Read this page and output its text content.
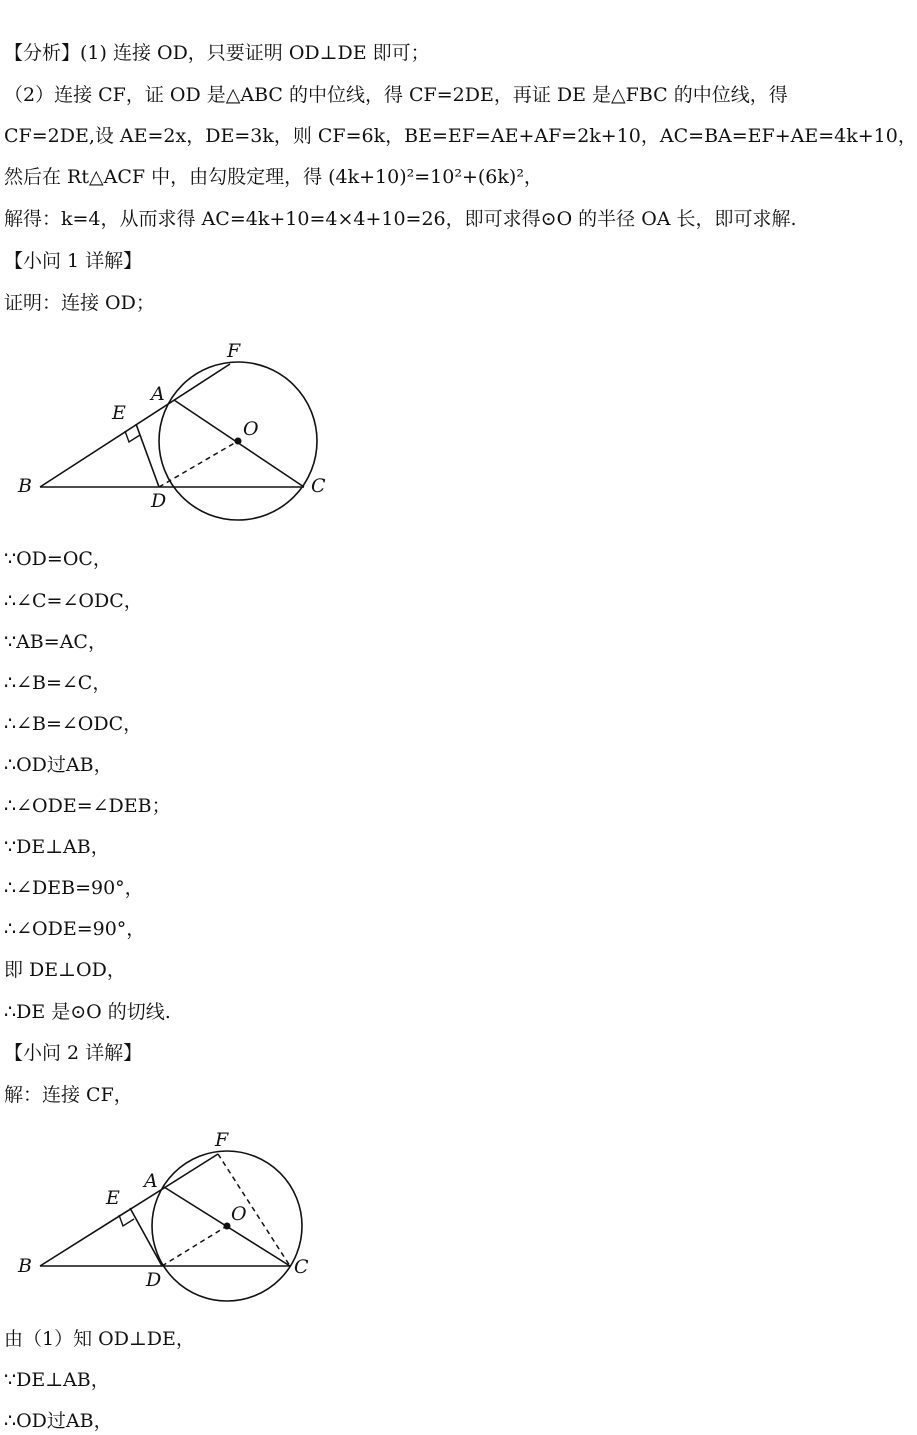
【分析】(1) 连接 OD，只要证明 OD⊥DE 即可；
（2）连接 CF，证 OD 是△ABC 的中位线，得 CF=2DE，再证 DE 是△FBC 的中位线，得
CF=2DE,设 AE=2x，DE=3k，则 CF=6k，BE=EF=AE+AF=2k+10，AC=BA=EF+AE=4k+10，
然后在 Rt△ACF 中，由勾股定理，得 (4k+10)²=10²+(6k)²，
解得：k=4，从而求得 AC=4k+10=4×4+10=26，即可求得⊙O 的半径 OA 长，即可求解.
【小问 1 详解】
证明：连接 OD；
F
A
E
O
B
D
C
∵OD=OC，
∴∠C=∠ODC，
∵AB=AC，
∴∠B=∠C，
∴∠B=∠ODC，
∴OD过AB，
∴∠ODE=∠DEB；
∵DE⊥AB，
∴∠DEB=90°，
∴∠ODE=90°，
即 DE⊥OD，
∴DE 是⊙O 的切线.
【小问 2 详解】
解：连接 CF，
F
A
E
O
B
D
C
由（1）知 OD⊥DE，
∵DE⊥AB，
∴OD过AB，
